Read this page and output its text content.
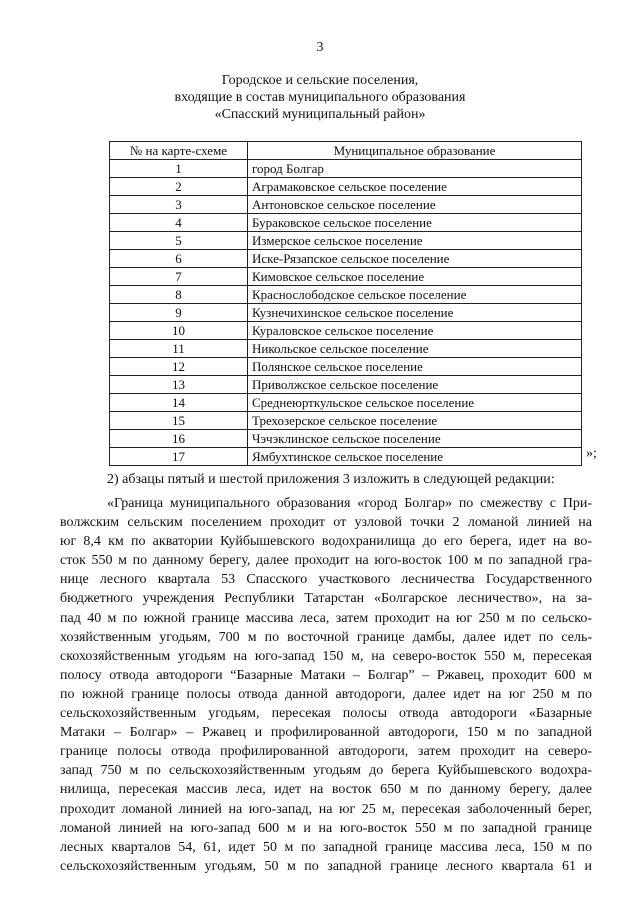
3
Городское и сельские поселения,
входящие в состав муниципального образования
«Спасский муниципальный район»
№ на карте-схеме	Муниципальное образование
1	город Болгар
2	Аграмаковское сельское поселение
3	Антоновское сельское поселение
4	Бураковское сельское поселение
5	Измерское сельское поселение
6	Иске-Рязапское сельское поселение
7	Кимовское сельское поселение
8	Краснослободское сельское поселение
9	Кузнечихинское сельское поселение
10	Кураловское сельское поселение
11	Никольское сельское поселение
12	Полянское сельское поселение
13	Приволжское сельское поселение
14	Среднеюрткульское сельское поселение
15	Трехозерское сельское поселение
16	Чэчэклинское сельское поселение
17	Ямбухтинское сельское поселение	»;
2) абзацы пятый и шестой приложения 3 изложить в следующей редакции:
«Граница муниципального образования «город Болгар» по смежеству с При-
волжским сельским поселением проходит от узловой точки 2 ломаной линией на
юг 8,4 км по акватории Куйбышевского водохранилища до его берега, идет на во-
сток 550 м по данному берегу, далее проходит на юго-восток 100 м по западной гра-
нице лесного квартала 53 Спасского участкового лесничества Государственного
бюджетного учреждения Республики Татарстан «Болгарское лесничество», на за-
пад 40 м по южной границе массива леса, затем проходит на юг 250 м по сельско-
хозяйственным угодьям, 700 м по восточной границе дамбы, далее идет по сель-
скохозяйственным угодьям на юго-запад 150 м, на северо-восток 550 м, пересекая
полосу отвода автодороги “Базарные Матаки – Болгар” – Ржавец, проходит 600 м
по южной границе полосы отвода данной автодороги, далее идет на юг 250 м по
сельскохозяйственным угодьям, пересекая полосы отвода автодороги «Базарные
Матаки – Болгар» – Ржавец и профилированной автодороги, 150 м по западной
границе полосы отвода профилированной автодороги, затем проходит на северо-
запад 750 м по сельскохозяйственным угодьям до берега Куйбышевского водохра-
нилища, пересекая массив леса, идет на восток 650 м по данному берегу, далее
проходит ломаной линией на юго-запад, на юг 25 м, пересекая заболоченный берег,
ломаной линией на юго-запад 600 м и на юго-восток 550 м по западной границе
лесных кварталов 54, 61, идет 50 м по западной границе массива леса, 150 м по
сельскохозяйственным угодьям, 50 м по западной границе лесного квартала 61 и
